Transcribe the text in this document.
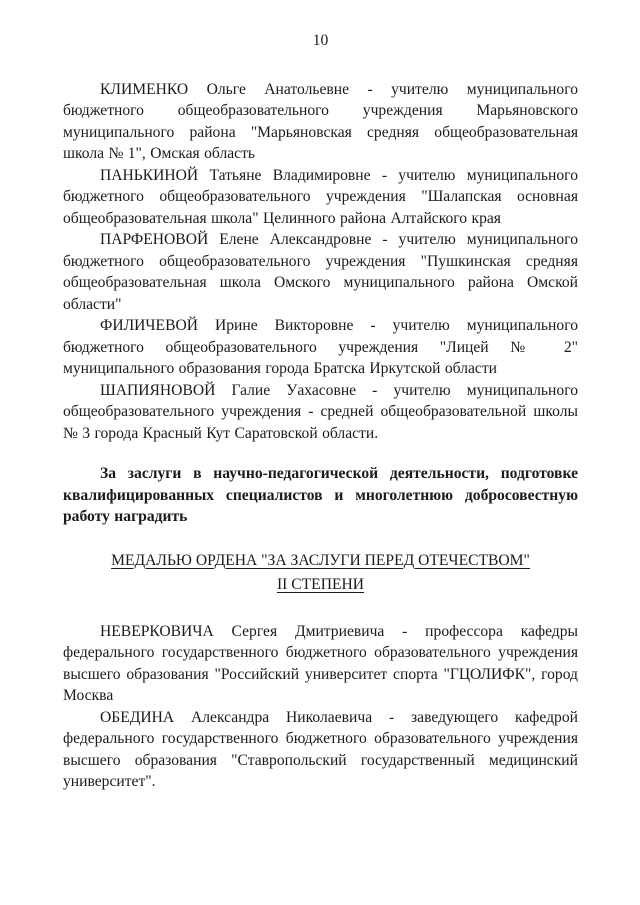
10

КЛИМЕНКО Ольге Анатольевне - учителю муниципального бюджетного общеобразовательного учреждения Марьяновского муниципального района "Марьяновская средняя общеобразовательная школа № 1", Омская область

ПАНЬКИНОЙ Татьяне Владимировне - учителю муниципального бюджетного общеобразовательного учреждения "Шалапская основная общеобразовательная школа" Целинного района Алтайского края

ПАРФЕНОВОЙ Елене Александровне - учителю муниципального бюджетного общеобразовательного учреждения "Пушкинская средняя общеобразовательная школа Омского муниципального района Омской области"

ФИЛИЧЕВОЙ Ирине Викторовне - учителю муниципального бюджетного общеобразовательного учреждения "Лицей № 2" муниципального образования города Братска Иркутской области

ШАПИЯНОВОЙ Галие Уахасовне - учителю муниципального общеобразовательного учреждения - средней общеобразовательной школы № 3 города Красный Кут Саратовской области.

За заслуги в научно-педагогической деятельности, подготовке квалифицированных специалистов и многолетнюю добросовестную работу наградить

МЕДАЛЬЮ ОРДЕНА "ЗА ЗАСЛУГИ ПЕРЕД ОТЕЧЕСТВОМ"
II СТЕПЕНИ

НЕВЕРКОВИЧА Сергея Дмитриевича - профессора кафедры федерального государственного бюджетного образовательного учреждения высшего образования "Российский университет спорта "ГЦОЛИФК", город Москва

ОБЕДИНА Александра Николаевича - заведующего кафедрой федерального государственного бюджетного образовательного учреждения высшего образования "Ставропольский государственный медицинский университет".
